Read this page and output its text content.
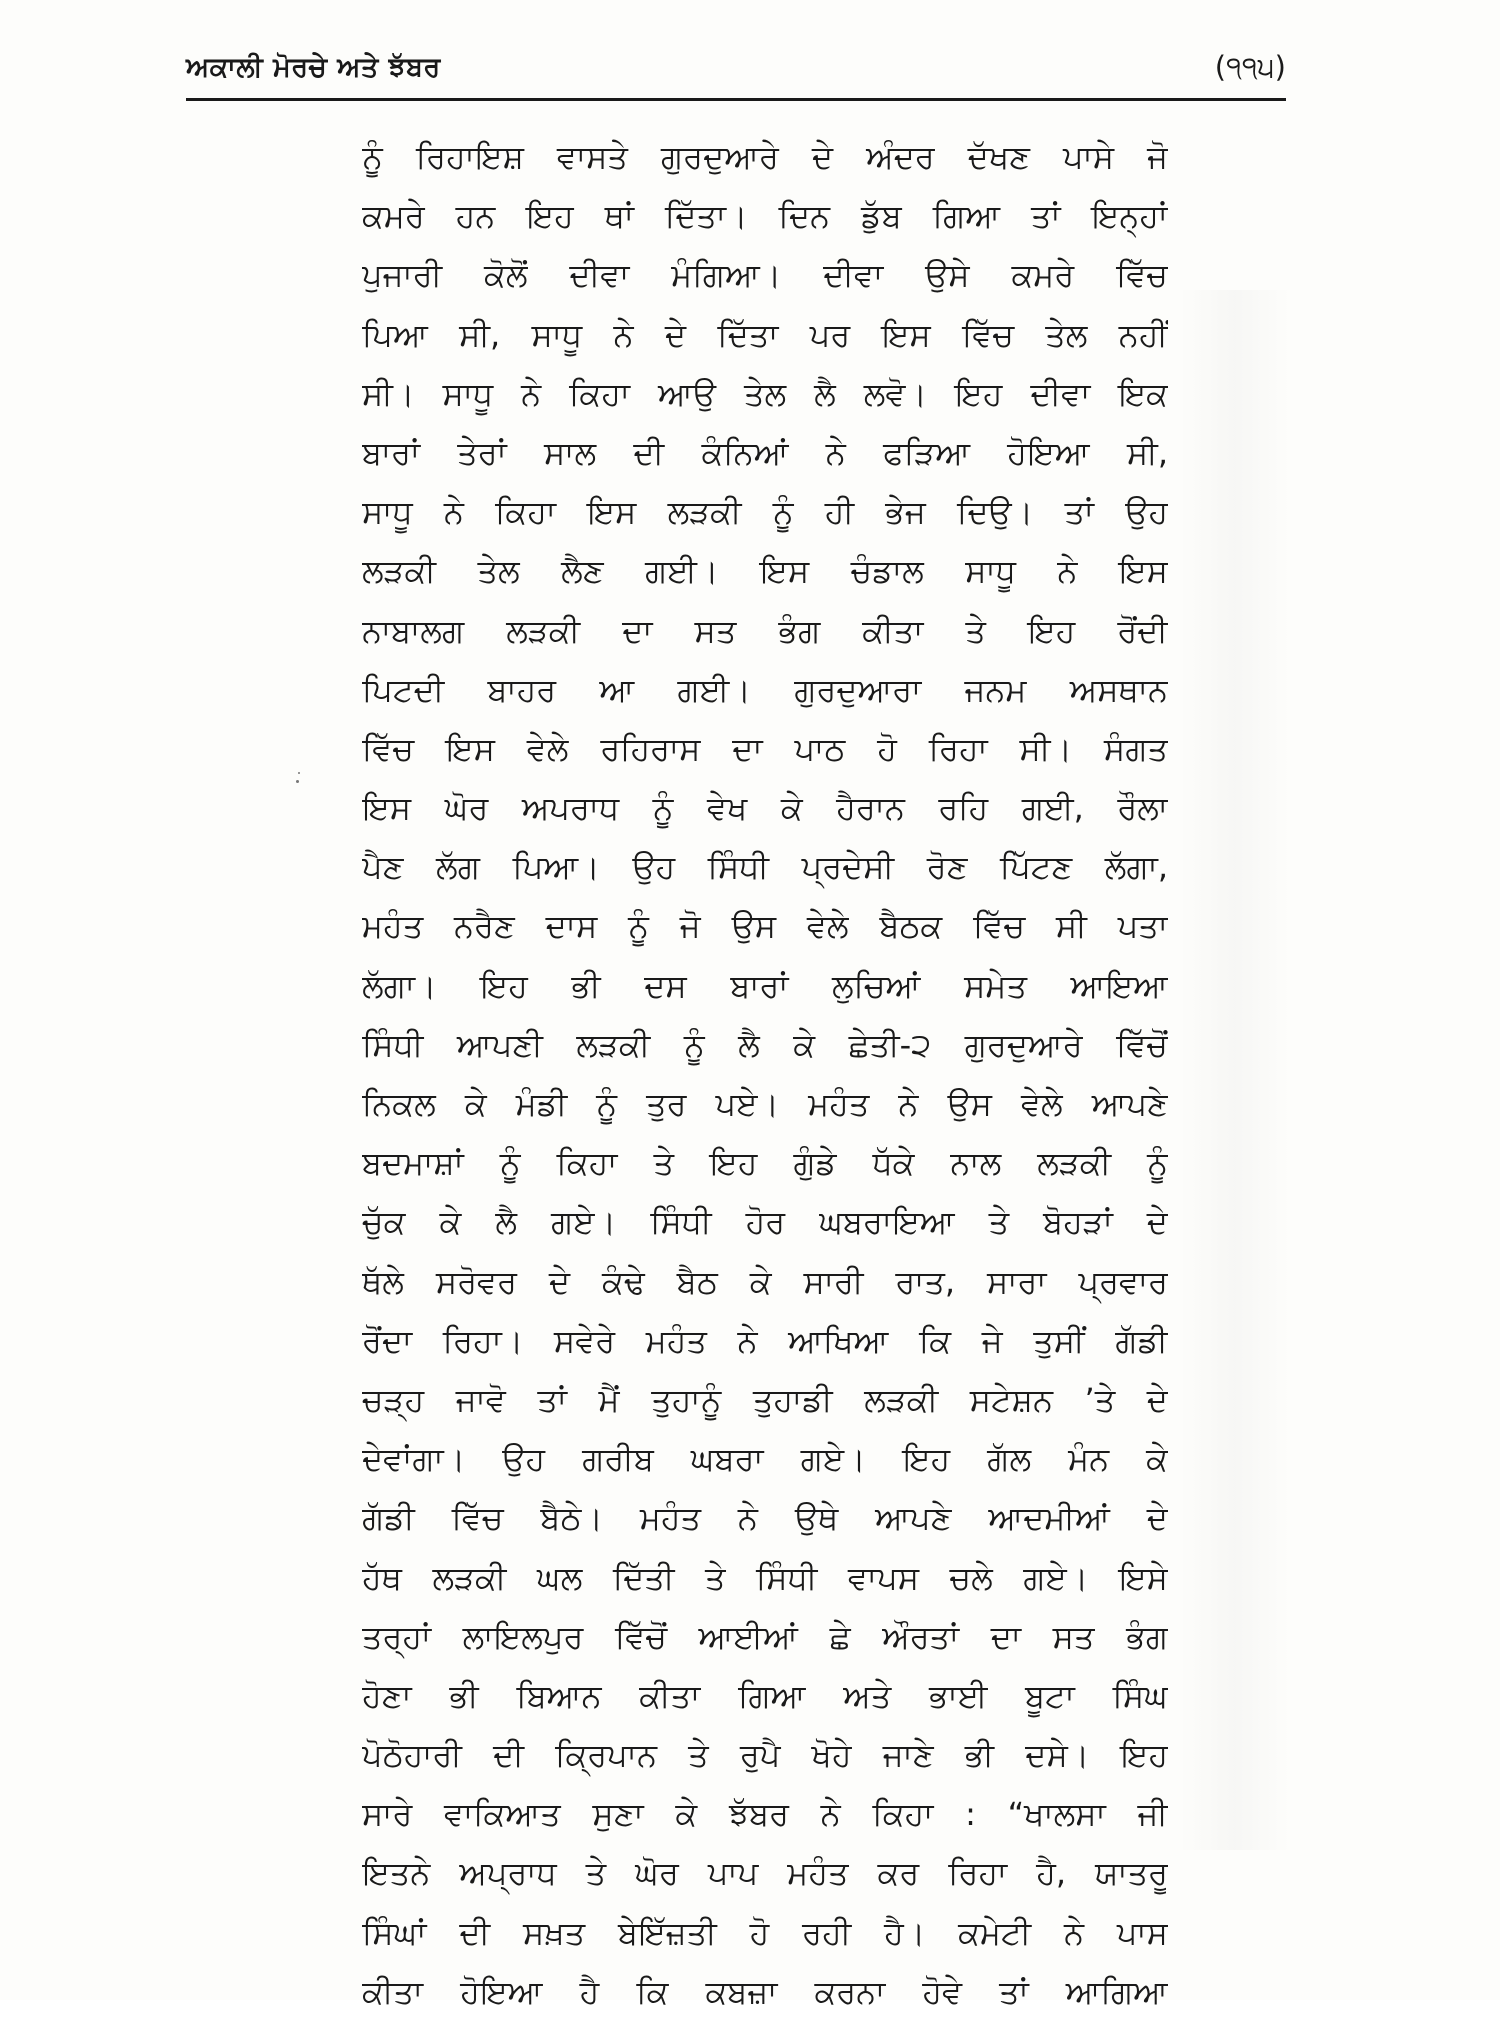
ਅਕਾਲੀ ਮੋਰਚੇ ਅਤੇ ਝੱਬਰ	(੧੧੫)
ਨੂੰ ਰਿਹਾਇਸ਼ ਵਾਸਤੇ ਗੁਰਦੁਆਰੇ ਦੇ ਅੰਦਰ ਦੱਖਣ ਪਾਸੇ ਜੋ
ਕਮਰੇ ਹਨ ਇਹ ਥਾਂ ਦਿੱਤਾ। ਦਿਨ ਡੁੱਬ ਗਿਆ ਤਾਂ ਇਨ੍ਹਾਂ
ਪੁਜਾਰੀ ਕੋਲੋਂ ਦੀਵਾ ਮੰਗਿਆ। ਦੀਵਾ ਉਸੇ ਕਮਰੇ ਵਿੱਚ
ਪਿਆ ਸੀ, ਸਾਧੂ ਨੇ ਦੇ ਦਿੱਤਾ ਪਰ ਇਸ ਵਿੱਚ ਤੇਲ ਨਹੀਂ
ਸੀ। ਸਾਧੂ ਨੇ ਕਿਹਾ ਆਉ ਤੇਲ ਲੈ ਲਵੋ। ਇਹ ਦੀਵਾ ਇਕ
ਬਾਰਾਂ ਤੇਰਾਂ ਸਾਲ ਦੀ ਕੰਨਿਆਂ ਨੇ ਫੜਿਆ ਹੋਇਆ ਸੀ,
ਸਾਧੂ ਨੇ ਕਿਹਾ ਇਸ ਲੜਕੀ ਨੂੰ ਹੀ ਭੇਜ ਦਿਉ। ਤਾਂ ਉਹ
ਲੜਕੀ ਤੇਲ ਲੈਣ ਗਈ। ਇਸ ਚੰਡਾਲ ਸਾਧੂ ਨੇ ਇਸ
ਨਾਬਾਲਗ ਲੜਕੀ ਦਾ ਸਤ ਭੰਗ ਕੀਤਾ ਤੇ ਇਹ ਰੋਂਦੀ
ਪਿਟਦੀ ਬਾਹਰ ਆ ਗਈ। ਗੁਰਦੁਆਰਾ ਜਨਮ ਅਸਥਾਨ
ਵਿੱਚ ਇਸ ਵੇਲੇ ਰਹਿਰਾਸ ਦਾ ਪਾਠ ਹੋ ਰਿਹਾ ਸੀ। ਸੰਗਤ
ਇਸ ਘੋਰ ਅਪਰਾਧ ਨੂੰ ਵੇਖ ਕੇ ਹੈਰਾਨ ਰਹਿ ਗਈ, ਰੌਲਾ
ਪੈਣ ਲੱਗ ਪਿਆ। ਉਹ ਸਿੰਧੀ ਪ੍ਰਦੇਸੀ ਰੋਣ ਪਿੱਟਣ ਲੱਗਾ,
ਮਹੰਤ ਨਰੈਣ ਦਾਸ ਨੂੰ ਜੋ ਉਸ ਵੇਲੇ ਬੈਠਕ ਵਿੱਚ ਸੀ ਪਤਾ
ਲੱਗਾ। ਇਹ ਭੀ ਦਸ ਬਾਰਾਂ ਲੁਚਿਆਂ ਸਮੇਤ ਆਇਆ
ਸਿੰਧੀ ਆਪਣੀ ਲੜਕੀ ਨੂੰ ਲੈ ਕੇ ਛੇਤੀ-੨ ਗੁਰਦੁਆਰੇ ਵਿੱਚੋਂ
ਨਿਕਲ ਕੇ ਮੰਡੀ ਨੂੰ ਤੁਰ ਪਏ। ਮਹੰਤ ਨੇ ਉਸ ਵੇਲੇ ਆਪਣੇ
ਬਦਮਾਸ਼ਾਂ ਨੂੰ ਕਿਹਾ ਤੇ ਇਹ ਗੁੰਡੇ ਧੱਕੇ ਨਾਲ ਲੜਕੀ ਨੂੰ
ਚੁੱਕ ਕੇ ਲੈ ਗਏ। ਸਿੰਧੀ ਹੋਰ ਘਬਰਾਇਆ ਤੇ ਬੋਹੜਾਂ ਦੇ
ਥੱਲੇ ਸਰੋਵਰ ਦੇ ਕੰਢੇ ਬੈਠ ਕੇ ਸਾਰੀ ਰਾਤ, ਸਾਰਾ ਪ੍ਰਵਾਰ
ਰੋਂਦਾ ਰਿਹਾ। ਸਵੇਰੇ ਮਹੰਤ ਨੇ ਆਖਿਆ ਕਿ ਜੇ ਤੁਸੀਂ ਗੱਡੀ
ਚੜ੍ਹ ਜਾਵੋ ਤਾਂ ਮੈਂ ਤੁਹਾਨੂੰ ਤੁਹਾਡੀ ਲੜਕੀ ਸਟੇਸ਼ਨ ’ਤੇ ਦੇ
ਦੇਵਾਂਗਾ। ਉਹ ਗਰੀਬ ਘਬਰਾ ਗਏ। ਇਹ ਗੱਲ ਮੰਨ ਕੇ
ਗੱਡੀ ਵਿੱਚ ਬੈਠੇ। ਮਹੰਤ ਨੇ ਉਥੇ ਆਪਣੇ ਆਦਮੀਆਂ ਦੇ
ਹੱਥ ਲੜਕੀ ਘਲ ਦਿੱਤੀ ਤੇ ਸਿੰਧੀ ਵਾਪਸ ਚਲੇ ਗਏ। ਇਸੇ
ਤਰ੍ਹਾਂ ਲਾਇਲਪੁਰ ਵਿੱਚੋਂ ਆਈਆਂ ਛੇ ਔਰਤਾਂ ਦਾ ਸਤ ਭੰਗ
ਹੋਣਾ ਭੀ ਬਿਆਨ ਕੀਤਾ ਗਿਆ ਅਤੇ ਭਾਈ ਬੂਟਾ ਸਿੰਘ
ਪੋਠੋਹਾਰੀ ਦੀ ਕ੍ਰਿਪਾਨ ਤੇ ਰੁਪੈ ਖੋਹੇ ਜਾਣੇ ਭੀ ਦਸੇ। ਇਹ
ਸਾਰੇ ਵਾਕਿਆਤ ਸੁਣਾ ਕੇ ਝੱਬਰ ਨੇ ਕਿਹਾ : “ਖਾਲਸਾ ਜੀ
ਇਤਨੇ ਅਪ੍ਰਾਧ ਤੇ ਘੋਰ ਪਾਪ ਮਹੰਤ ਕਰ ਰਿਹਾ ਹੈ, ਯਾਤਰੂ
ਸਿੰਘਾਂ ਦੀ ਸਖ਼ਤ ਬੇਇੱਜ਼ਤੀ ਹੋ ਰਹੀ ਹੈ। ਕਮੇਟੀ ਨੇ ਪਾਸ
ਕੀਤਾ ਹੋਇਆ ਹੈ ਕਿ ਕਬਜ਼ਾ ਕਰਨਾ ਹੋਵੇ ਤਾਂ ਆਗਿਆ
